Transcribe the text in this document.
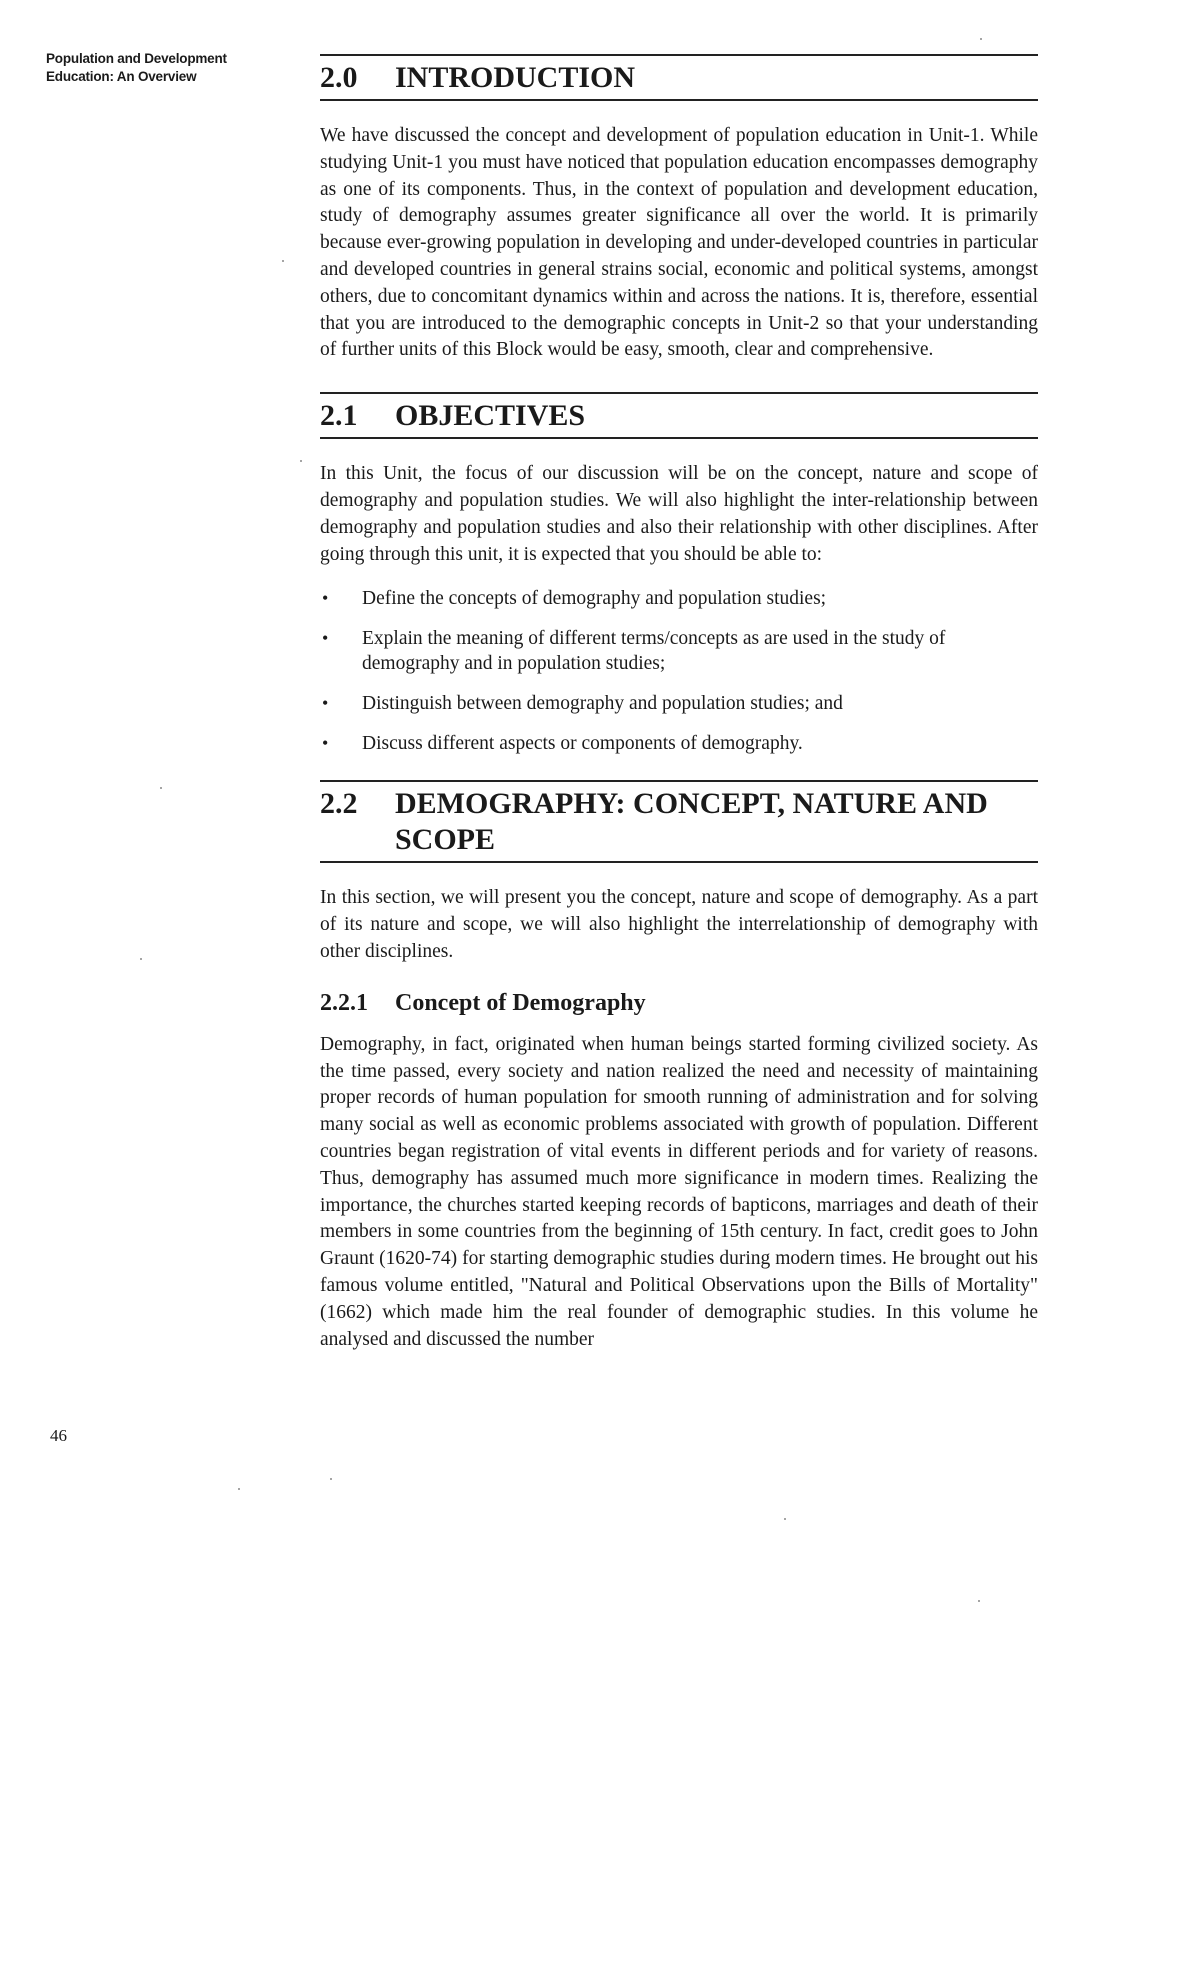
Population and Development
Education: An Overview
46
2.0	INTRODUCTION

We have discussed the concept and development of population education in Unit-1. While studying Unit-1 you must have noticed that population education encompasses demography as one of its components. Thus, in the context of population and development education, study of demography assumes greater significance all over the world. It is primarily because ever-growing population in developing and under-developed countries in particular and developed countries in general strains social, economic and political systems, amongst others, due to concomitant dynamics within and across the nations. It is, therefore, essential that you are introduced to the demographic concepts in Unit-2 so that your understanding of further units of this Block would be easy, smooth, clear and comprehensive.

2.1	OBJECTIVES

In this Unit, the focus of our discussion will be on the concept, nature and scope of demography and population studies. We will also highlight the inter-relationship between demography and population studies and also their relationship with other disciplines. After going through this unit, it is expected that you should be able to:

• Define the concepts of demography and population studies;
• Explain the meaning of different terms/concepts as are used in the study of demography and in population studies;
• Distinguish between demography and population studies; and
• Discuss different aspects or components of demography.
2.2	DEMOGRAPHY: CONCEPT, NATURE AND SCOPE

In this section, we will present you the concept, nature and scope of demography. As a part of its nature and scope, we will also highlight the interrelationship of demography with other disciplines.

2.2.1	Concept of Demography

Demography, in fact, originated when human beings started forming civilized society. As the time passed, every society and nation realized the need and necessity of maintaining proper records of human population for smooth running of administration and for solving many social as well as economic problems associated with growth of population. Different countries began registration of vital events in different periods and for variety of reasons. Thus, demography has assumed much more significance in modern times. Realizing the importance, the churches started keeping records of bapticons, marriages and death of their members in some countries from the beginning of 15th century. In fact, credit goes to John Graunt (1620-74) for starting demographic studies during modern times. He brought out his famous volume entitled, "Natural and Political Observations upon the Bills of Mortality" (1662) which made him the real founder of demographic studies. In this volume he analysed and discussed the number
